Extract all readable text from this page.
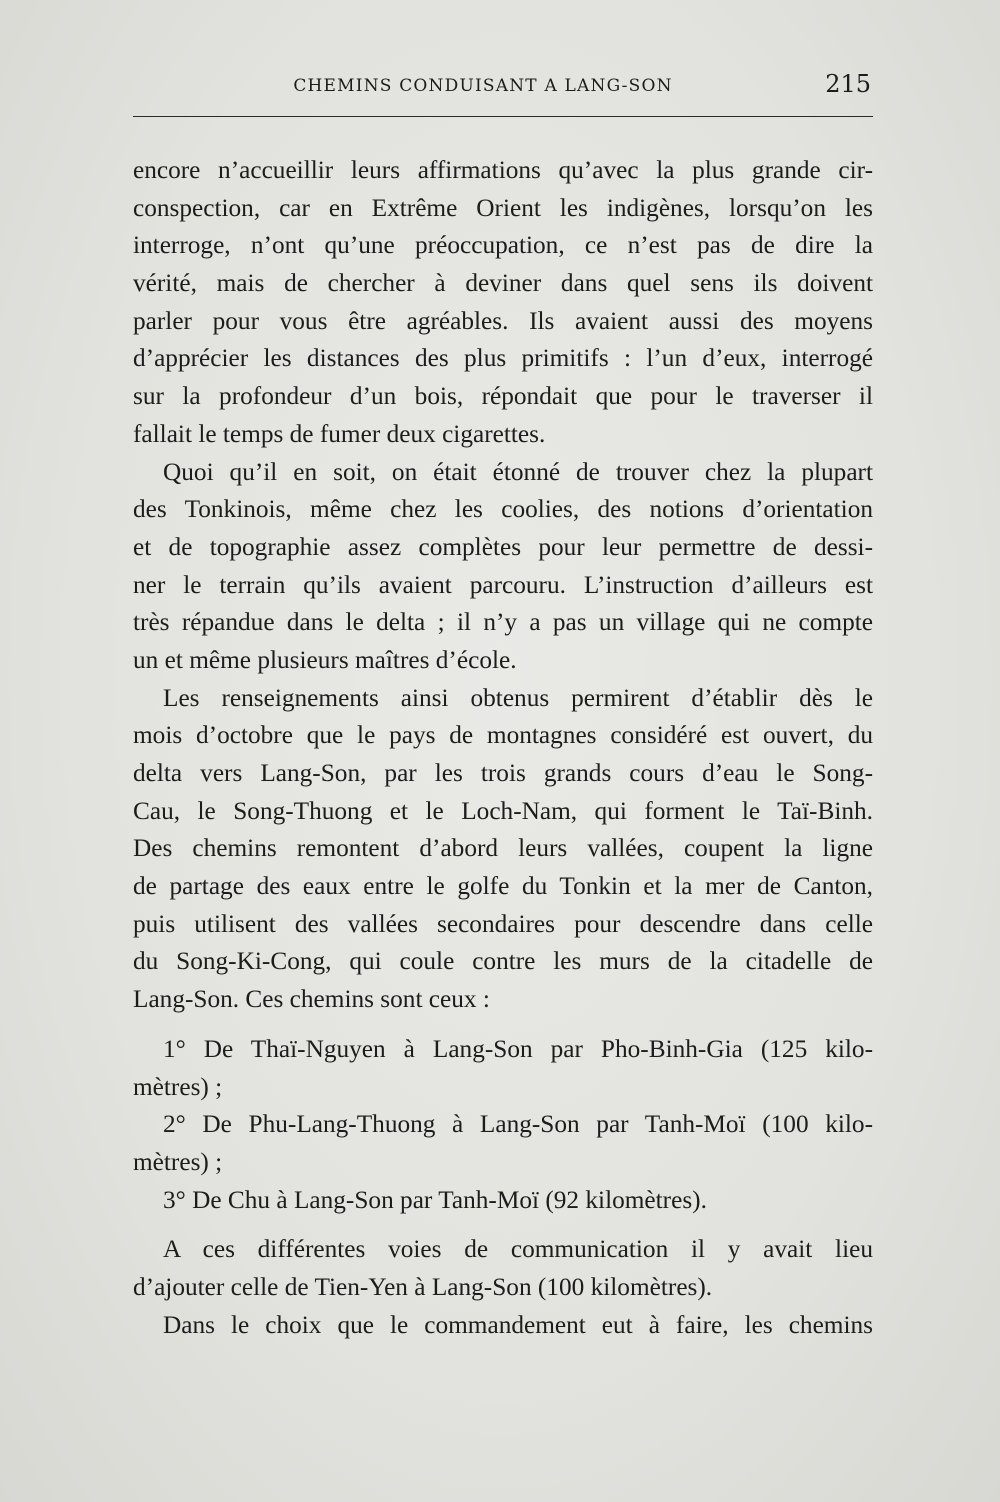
CHEMINS CONDUISANT A LANG-SON	215
encore n’accueillir leurs affirmations qu’avec la plus grande cir-
conspection, car en Extrême Orient les indigènes, lorsqu’on les
interroge, n’ont qu’une préoccupation, ce n’est pas de dire la
vérité, mais de chercher à deviner dans quel sens ils doivent
parler pour vous être agréables. Ils avaient aussi des moyens
d’apprécier les distances des plus primitifs : l’un d’eux, interrogé
sur la profondeur d’un bois, répondait que pour le traverser il
fallait le temps de fumer deux cigarettes.
Quoi qu’il en soit, on était étonné de trouver chez la plupart
des Tonkinois, même chez les coolies, des notions d’orientation
et de topographie assez complètes pour leur permettre de dessi-
ner le terrain qu’ils avaient parcouru. L’instruction d’ailleurs est
très répandue dans le delta ; il n’y a pas un village qui ne compte
un et même plusieurs maîtres d’école.
Les renseignements ainsi obtenus permirent d’établir dès le
mois d’octobre que le pays de montagnes considéré est ouvert, du
delta vers Lang-Son, par les trois grands cours d’eau le Song-
Cau, le Song-Thuong et le Loch-Nam, qui forment le Taï-Binh.
Des chemins remontent d’abord leurs vallées, coupent la ligne
de partage des eaux entre le golfe du Tonkin et la mer de Canton,
puis utilisent des vallées secondaires pour descendre dans celle
du Song-Ki-Cong, qui coule contre les murs de la citadelle de
Lang-Son. Ces chemins sont ceux :
1° De Thaï-Nguyen à Lang-Son par Pho-Binh-Gia (125 kilo-
mètres) ;
2° De Phu-Lang-Thuong à Lang-Son par Tanh-Moï (100 kilo-
mètres) ;
3° De Chu à Lang-Son par Tanh-Moï (92 kilomètres).
A ces différentes voies de communication il y avait lieu
d’ajouter celle de Tien-Yen à Lang-Son (100 kilomètres).
Dans le choix que le commandement eut à faire, les chemins
